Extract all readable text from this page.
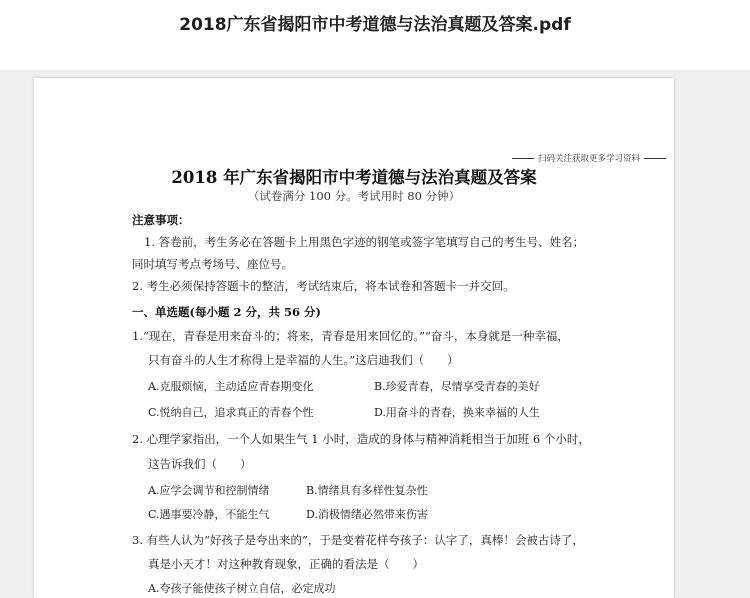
2018广东省揭阳市中考道德与法治真题及答案.pdf
扫码关注获取更多学习资料
2018 年广东省揭阳市中考道德与法治真题及答案
（试卷满分 100 分。考试用时 80 分钟）
注意事项：
1. 答卷前，考生务必在答题卡上用黑色字迹的钢笔或签字笔填写自己的考生号、姓名；
同时填写考点考场号、座位号。
2. 考生必须保持答题卡的整洁，考试结束后，将本试卷和答题卡一并交回。
一、单选题(每小题 2 分，共 56 分)
1.“现在，青春是用来奋斗的；将来，青春是用来回忆的。”“奋斗，本身就是一种幸福，
只有奋斗的人生才称得上是幸福的人生。”这启迪我们（　　）
A.克服烦恼，主动适应青春期变化	B.珍爱青春，尽情享受青春的美好
C.悦纳自己，追求真正的青春个性	D.用奋斗的青春，换来幸福的人生
2. 心理学家指出，一个人如果生气 1 小时，造成的身体与精神消耗相当于加班 6 个小时，
这告诉我们（　　）
A.应学会调节和控制情绪	B.情绪具有多样性复杂性
C.遇事要冷静，不能生气	D.消极情绪必然带来伤害
3. 有些人认为“好孩子是夸出来的”，于是变着花样夸孩子：认字了，真棒！会被古诗了，
真是小天才！对这种教育现象，正确的看法是（　　）
A.夸孩子能使孩子树立自信，必定成功
